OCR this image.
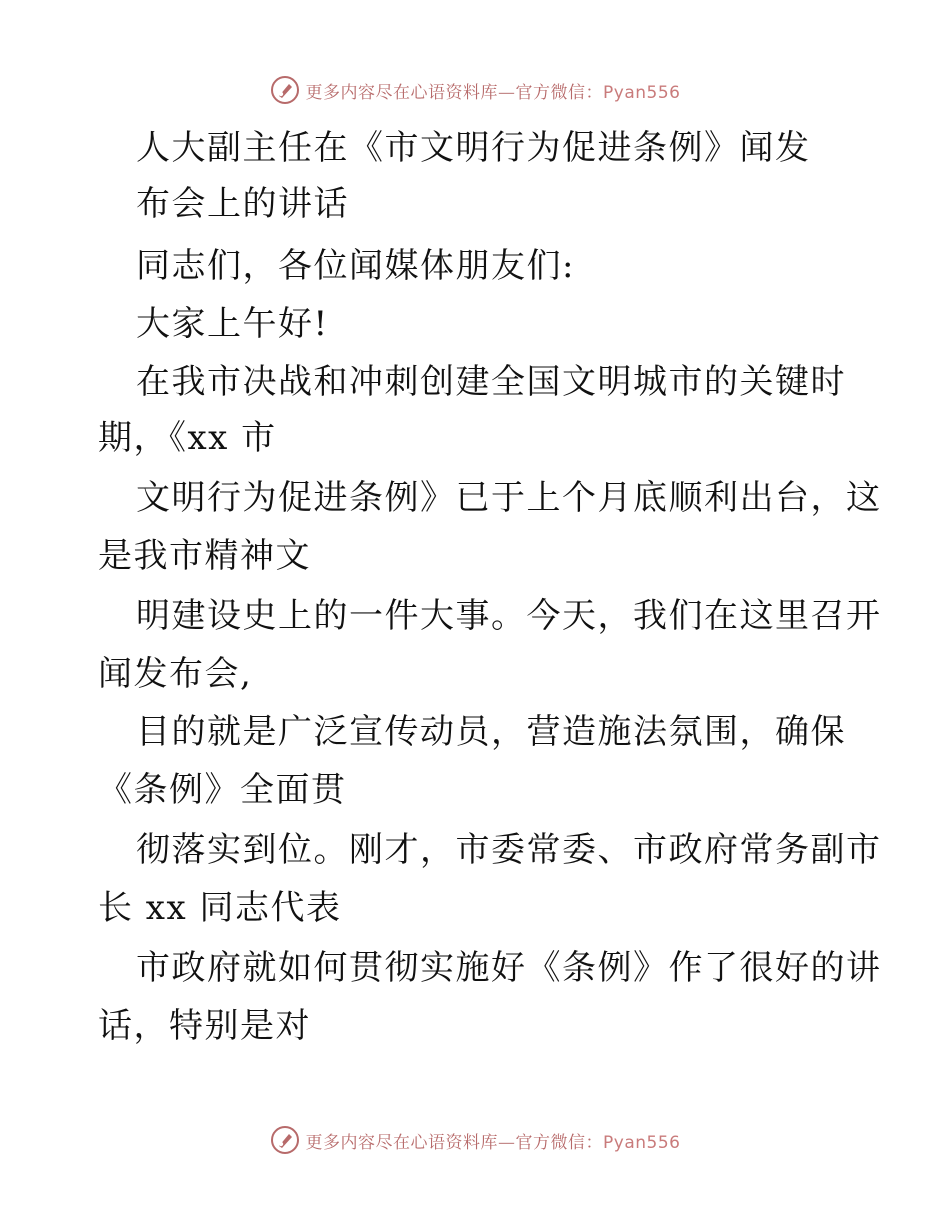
更多内容尽在心语资料库—官方微信：Pyan556
人大副主任在《市文明行为促进条例》闻发
布会上的讲话
同志们，各位闻媒体朋友们:
大家上午好!
在我市决战和冲刺创建全国文明城市的关键时
期，《xx 市
文明行为促进条例》已于上个月底顺利出台，这
是我市精神文
明建设史上的一件大事。今天，我们在这里召开
闻发布会,
目的就是广泛宣传动员，营造施法氛围，确保
《条例》全面贯
彻落实到位。刚才，市委常委、市政府常务副市
长 xx 同志代表
市政府就如何贯彻实施好《条例》作了很好的讲
话，特别是对
更多内容尽在心语资料库—官方微信：Pyan556
